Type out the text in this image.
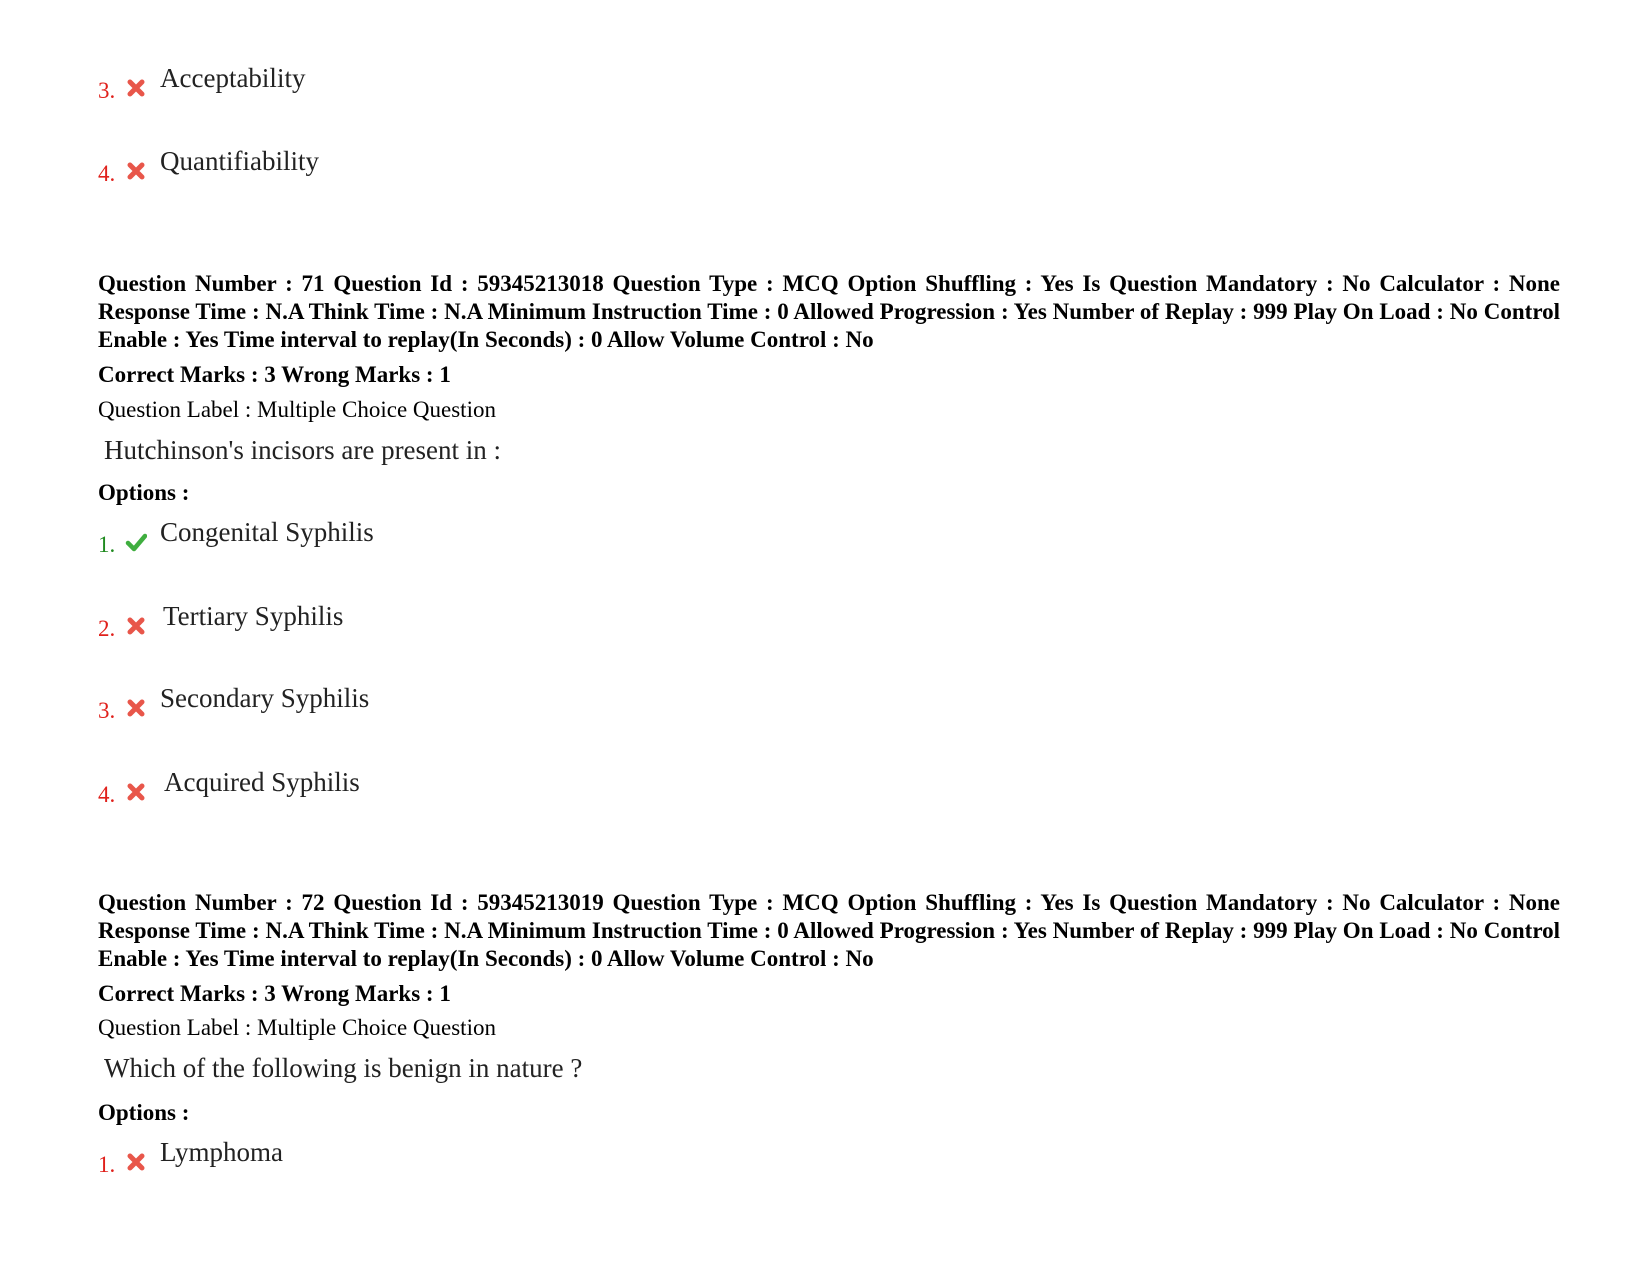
3. Acceptability
4. Quantifiability
Question Number : 71 Question Id : 59345213018 Question Type : MCQ Option Shuffling : Yes Is Question Mandatory : No Calculator : None Response Time : N.A Think Time : N.A Minimum Instruction Time : 0 Allowed Progression : Yes Number of Replay : 999 Play On Load : No Control Enable : Yes Time interval to replay(In Seconds) : 0 Allow Volume Control : No
Correct Marks : 3 Wrong Marks : 1
Question Label : Multiple Choice Question
Hutchinson's incisors are present in :
Options :
1. Congenital Syphilis
2. Tertiary Syphilis
3. Secondary Syphilis
4. Acquired Syphilis
Question Number : 72 Question Id : 59345213019 Question Type : MCQ Option Shuffling : Yes Is Question Mandatory : No Calculator : None Response Time : N.A Think Time : N.A Minimum Instruction Time : 0 Allowed Progression : Yes Number of Replay : 999 Play On Load : No Control Enable : Yes Time interval to replay(In Seconds) : 0 Allow Volume Control : No
Correct Marks : 3 Wrong Marks : 1
Question Label : Multiple Choice Question
Which of the following is benign in nature ?
Options :
1. Lymphoma
